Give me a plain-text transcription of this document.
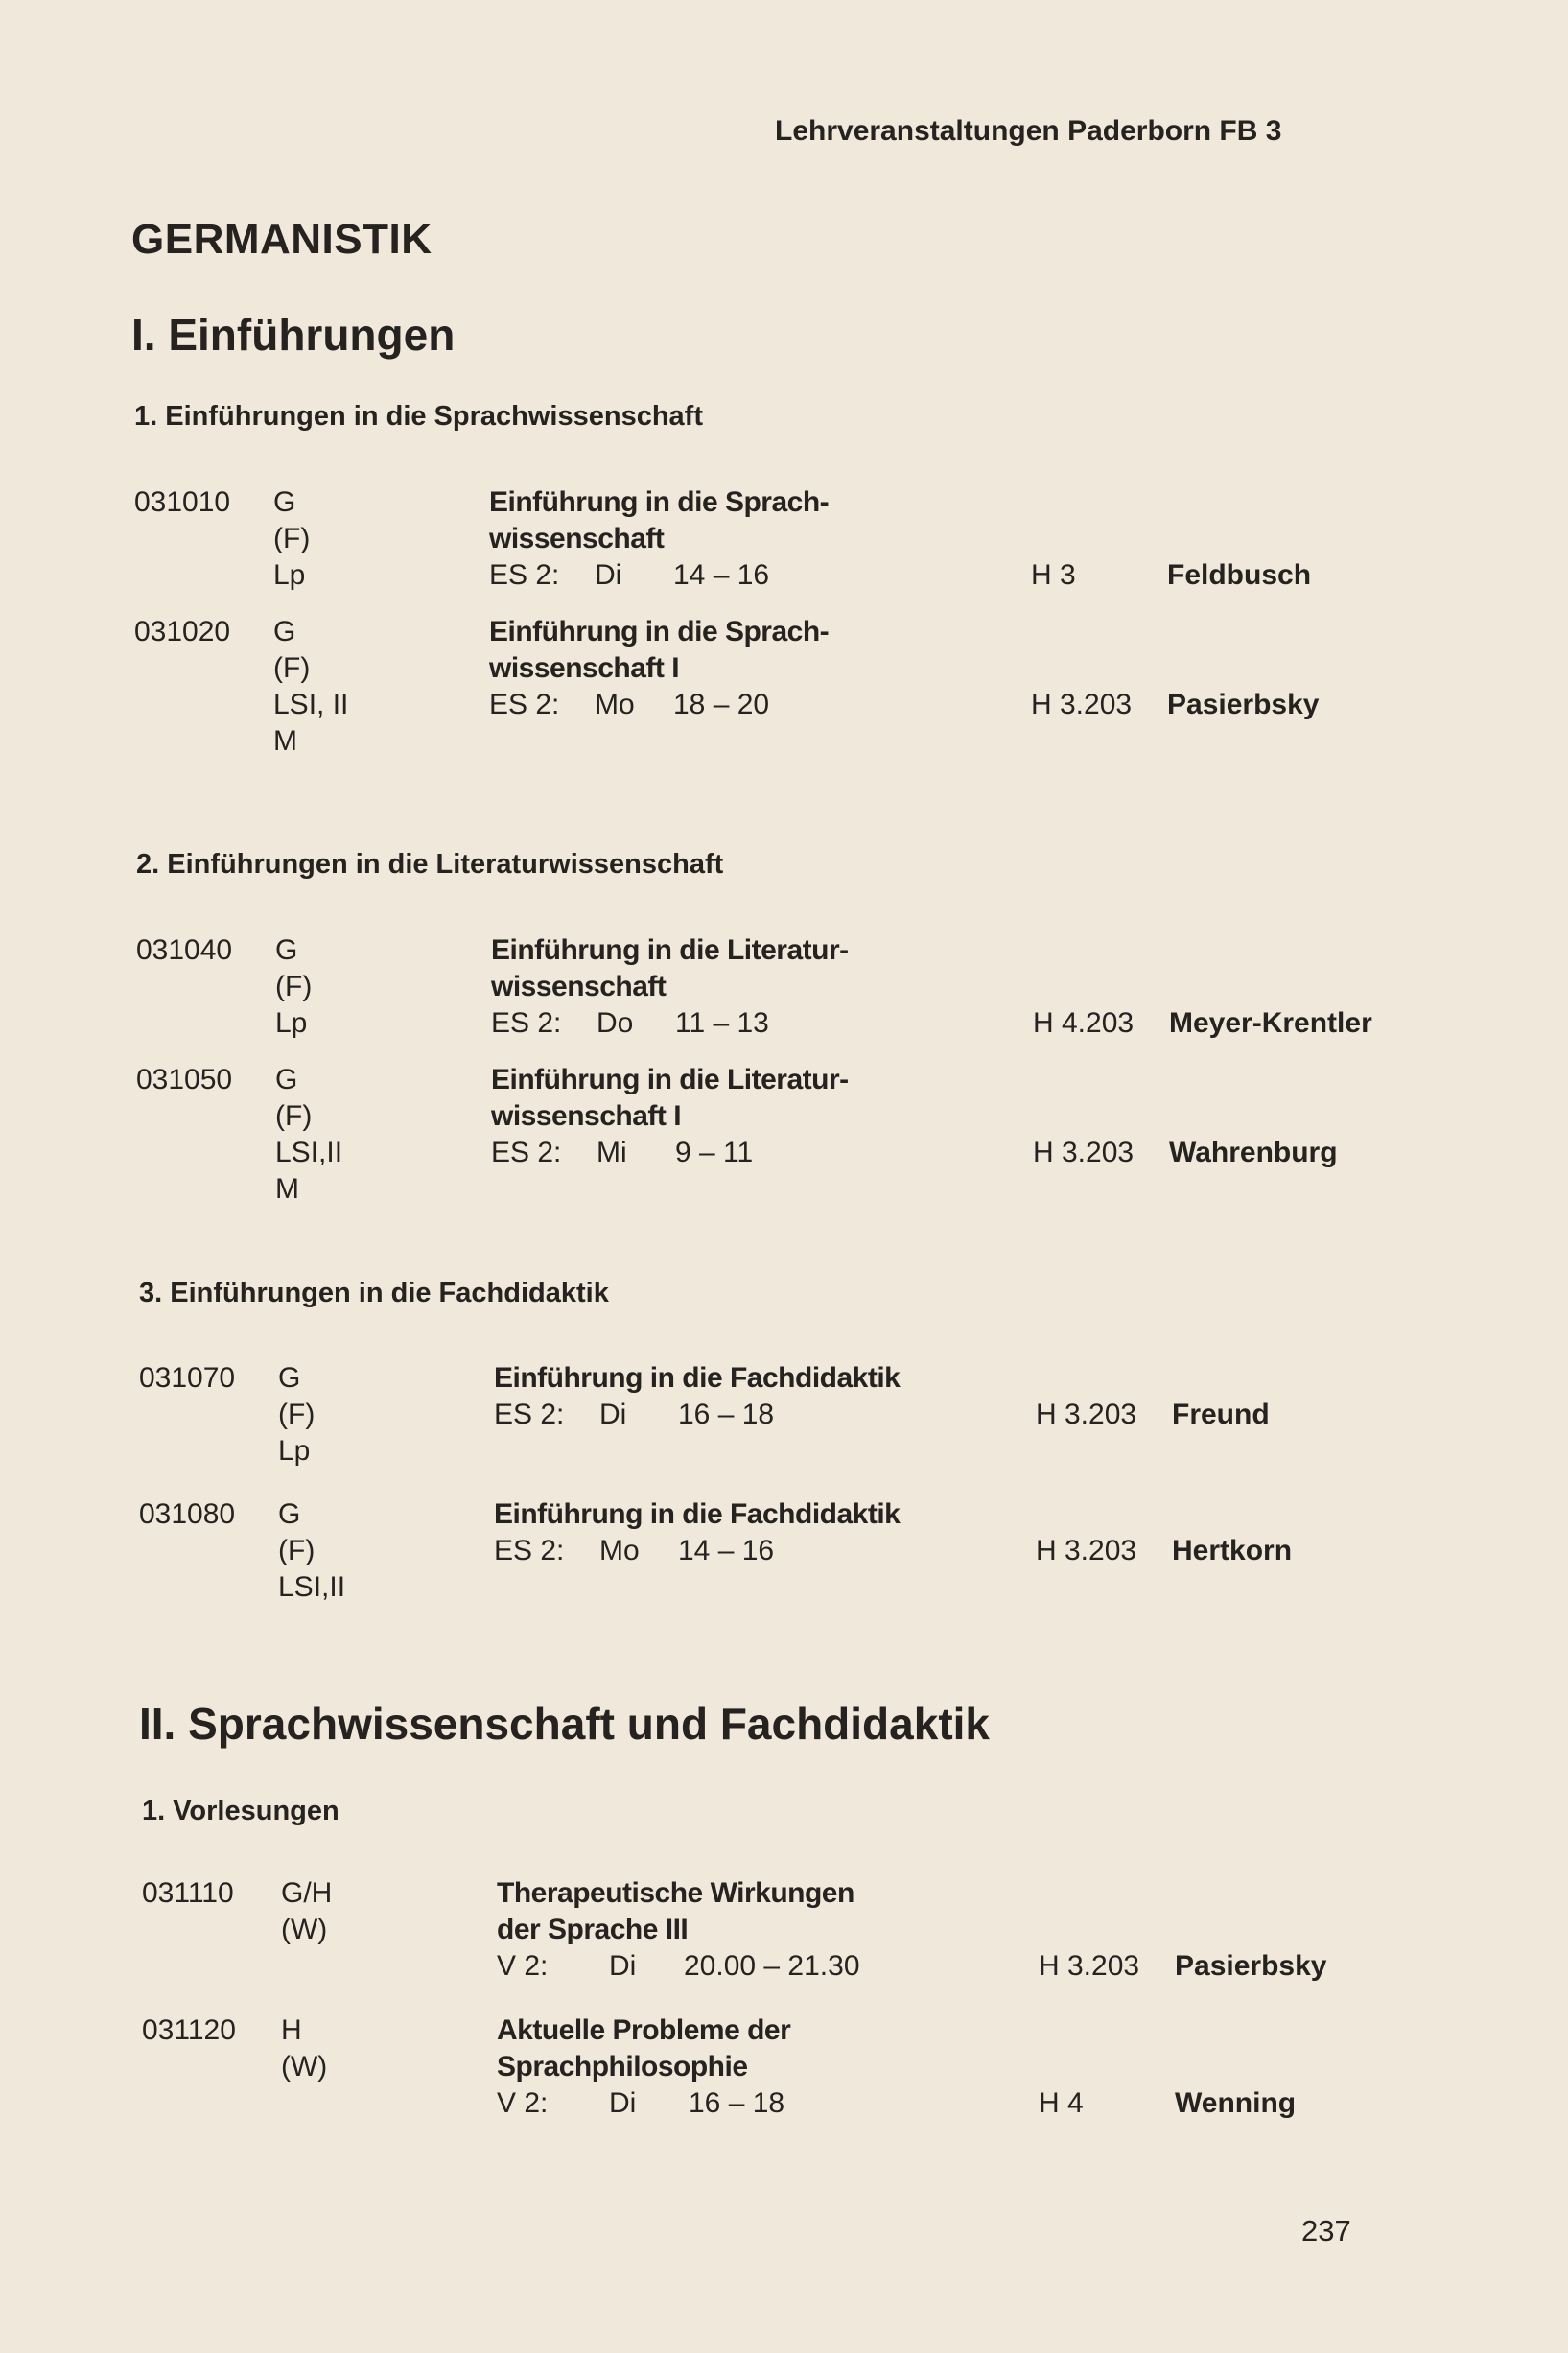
Lehrveranstaltungen Paderborn FB 3
GERMANISTIK
I. Einführungen
1. Einführungen in die Sprachwissenschaft
031010 G	Einführung in die Sprach-
(F)	wissenschaft
Lp	ES 2: Di 14 – 16	H 3	Feldbusch
031020 G	Einführung in die Sprach-
(F)	wissenschaft I
LSI, II	ES 2: Mo 18 – 20	H 3.203 Pasierbsky
M
2. Einführungen in die Literaturwissenschaft
031040 G	Einführung in die Literatur-
(F)	wissenschaft
Lp	ES 2: Do 11 – 13	H 4.203 Meyer-Krentler
031050 G	Einführung in die Literatur-
(F)	wissenschaft I
LSI,II	ES 2: Mi 9 – 11	H 3.203 Wahrenburg
M
3. Einführungen in die Fachdidaktik
031070 G	Einführung in die Fachdidaktik
(F)	ES 2: Di 16 – 18	H 3.203 Freund
Lp
031080 G	Einführung in die Fachdidaktik
(F)	ES 2: Mo 14 – 16	H 3.203 Hertkorn
LSI,II
II. Sprachwissenschaft und Fachdidaktik
1. Vorlesungen
031110 G/H	Therapeutische Wirkungen
(W)	der Sprache III
V 2: Di 20.00 – 21.30	H 3.203 Pasierbsky
031120 H	Aktuelle Probleme der
(W)	Sprachphilosophie
V 2: Di 16 – 18	H 4	Wenning
237
